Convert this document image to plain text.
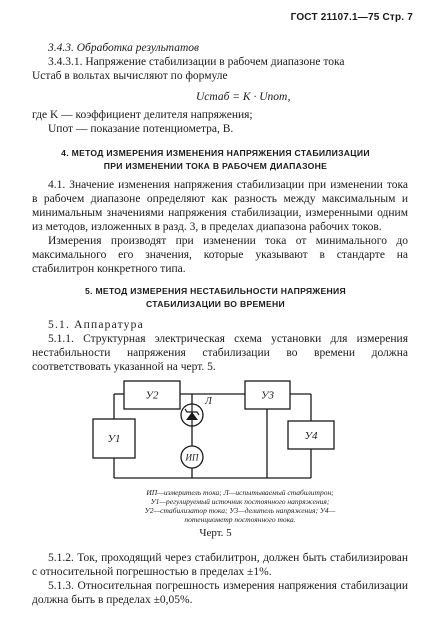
ГОСТ 21107.1—75 Стр. 7
3.4.3. Обработка результатов
3.4.3.1. Напряжение стабилизации в рабочем диапазоне тока
Uстаб в вольтах вычисляют по формуле
Uстаб = K · Uпот,
где K — коэффициент делителя напряжения;
Uпот — показание потенциометра, В.
4. МЕТОД ИЗМЕРЕНИЯ ИЗМЕНЕНИЯ НАПРЯЖЕНИЯ СТАБИЛИЗАЦИИ
ПРИ ИЗМЕНЕНИИ ТОКА В РАБОЧЕМ ДИАПАЗОНЕ
4.1. Значение изменения напряжения стабилизации при изменении тока в рабочем диапазоне определяют как разность между максимальным и минимальным значениями напряжения стабилизации, измеренными одним из методов, изложенных в разд. 3, в пределах диапазона рабочих токов.
Измерения производят при изменении тока от минимального до максимального его значения, которые указывают в стандарте на стабилитрон конкретного типа.
5. МЕТОД ИЗМЕРЕНИЯ НЕСТАБИЛЬНОСТИ НАПРЯЖЕНИЯ
СТАБИЛИЗАЦИИ ВО ВРЕМЕНИ
5.1. Аппаратура
5.1.1. Структурная электрическая схема установки для измерения нестабильности напряжения стабилизации во времени должна соответствовать указанной на черт. 5.
У2	У3
У1	У4
Л
ИП
ИП—измеритель тока; Л—испытываемый стабилитрон;
У1—регулируемый источник постоянного напряжения;
У2—стабилизатор тока; У3—делитель напряжения; У4—
потенциометр постоянного тока.
Черт. 5
5.1.2. Ток, проходящий через стабилитрон, должен быть стабилизирован с относительной погрешностью в пределах ±1%.
5.1.3. Относительная погрешность измерения напряжения стабилизации должна быть в пределах ±0,05%.
